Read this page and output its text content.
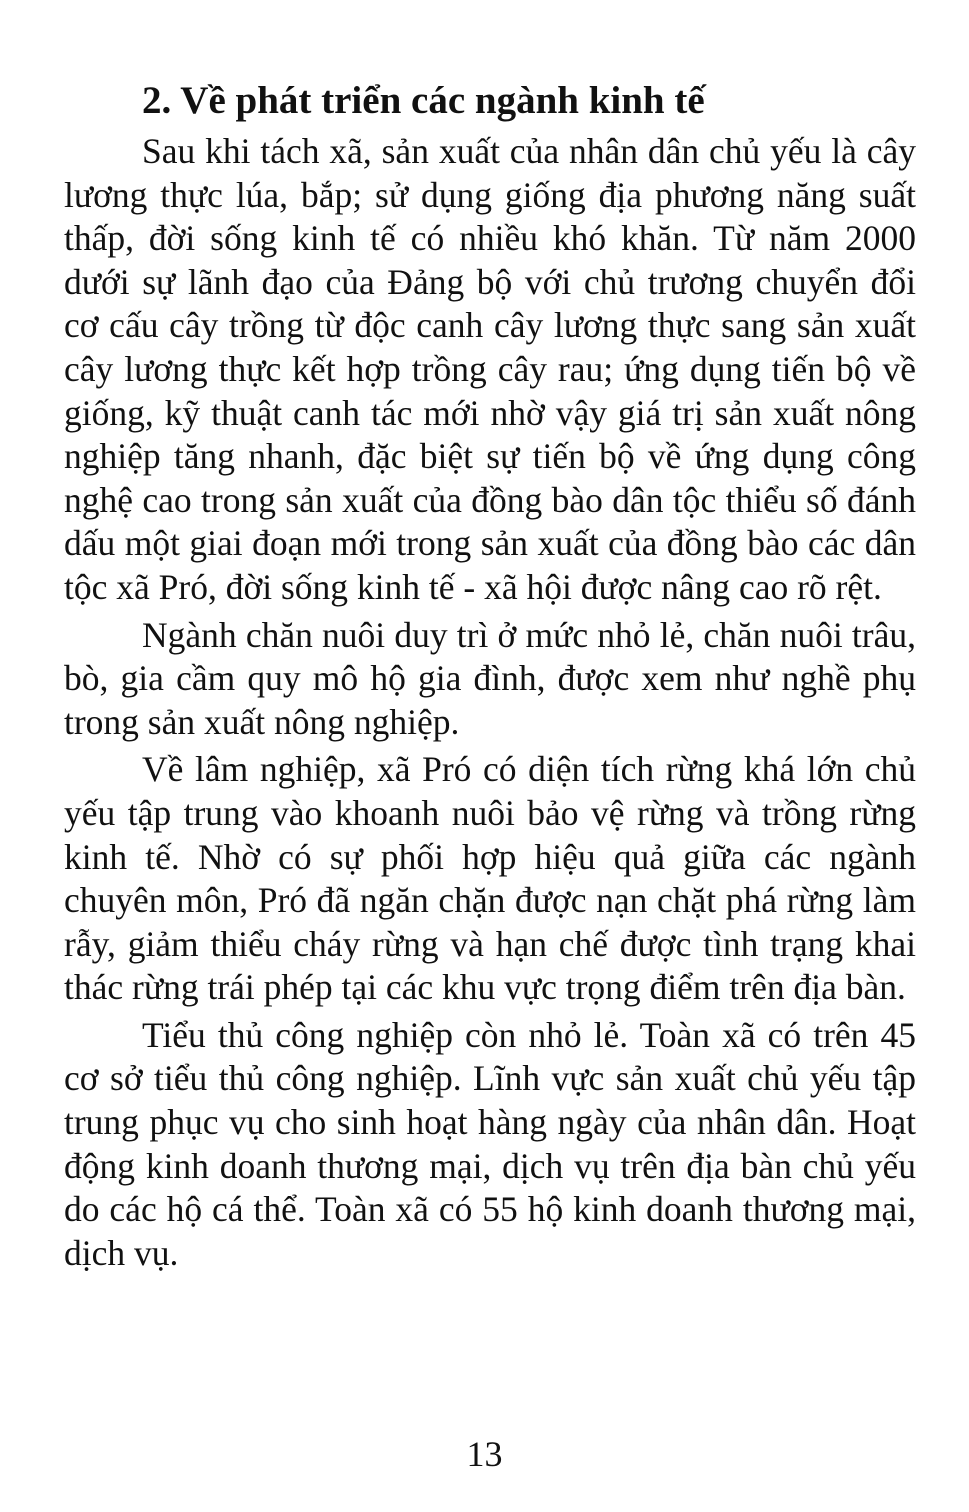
2. Về phát triển các ngành kinh tế

Sau khi tách xã, sản xuất của nhân dân chủ yếu là cây lương thực lúa, bắp; sử dụng giống địa phương năng suất thấp, đời sống kinh tế có nhiều khó khăn. Từ năm 2000 dưới sự lãnh đạo của Đảng bộ với chủ trương chuyển đổi cơ cấu cây trồng từ độc canh cây lương thực sang sản xuất cây lương thực kết hợp trồng cây rau; ứng dụng tiến bộ về giống, kỹ thuật canh tác mới nhờ vậy giá trị sản xuất nông nghiệp tăng nhanh, đặc biệt sự tiến bộ về ứng dụng công nghệ cao trong sản xuất của đồng bào dân tộc thiểu số đánh dấu một giai đoạn mới trong sản xuất của đồng bào các dân tộc xã Pró, đời sống kinh tế - xã hội được nâng cao rõ rệt.

Ngành chăn nuôi duy trì ở mức nhỏ lẻ, chăn nuôi trâu, bò, gia cầm quy mô hộ gia đình, được xem như nghề phụ trong sản xuất nông nghiệp.

Về lâm nghiệp, xã Pró có diện tích rừng khá lớn chủ yếu tập trung vào khoanh nuôi bảo vệ rừng và trồng rừng kinh tế. Nhờ có sự phối hợp hiệu quả giữa các ngành chuyên môn, Pró đã ngăn chặn được nạn chặt phá rừng làm rẫy, giảm thiểu cháy rừng và hạn chế được tình trạng khai thác rừng trái phép tại các khu vực trọng điểm trên địa bàn.

Tiểu thủ công nghiệp còn nhỏ lẻ. Toàn xã có trên 45 cơ sở tiểu thủ công nghiệp. Lĩnh vực sản xuất chủ yếu tập trung phục vụ cho sinh hoạt hàng ngày của nhân dân. Hoạt động kinh doanh thương mại, dịch vụ trên địa bàn chủ yếu do các hộ cá thể. Toàn xã có 55 hộ kinh doanh thương mại, dịch vụ.

13
